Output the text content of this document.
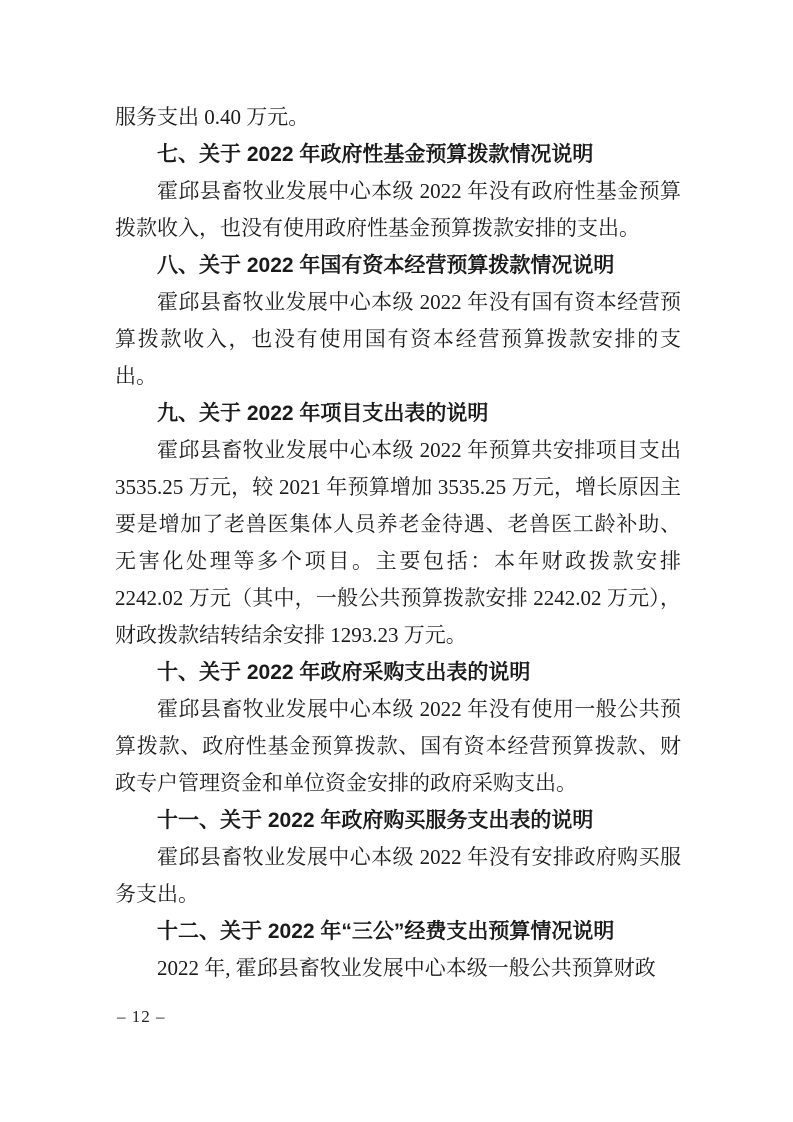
服务支出 0.40 万元。

七、关于 2022 年政府性基金预算拨款情况说明

霍邱县畜牧业发展中心本级 2022 年没有政府性基金预算拨款收入，也没有使用政府性基金预算拨款安排的支出。

八、关于 2022 年国有资本经营预算拨款情况说明

霍邱县畜牧业发展中心本级 2022 年没有国有资本经营预算拨款收入，也没有使用国有资本经营预算拨款安排的支出。

九、关于 2022 年项目支出表的说明

霍邱县畜牧业发展中心本级 2022 年预算共安排项目支出 3535.25 万元，较 2021 年预算增加 3535.25 万元，增长原因主要是增加了老兽医集体人员养老金待遇、老兽医工龄补助、无害化处理等多个项目。主要包括：本年财政拨款安排 2242.02 万元（其中，一般公共预算拨款安排 2242.02 万元），财政拨款结转结余安排 1293.23 万元。

十、关于 2022 年政府采购支出表的说明

霍邱县畜牧业发展中心本级 2022 年没有使用一般公共预算拨款、政府性基金预算拨款、国有资本经营预算拨款、财政专户管理资金和单位资金安排的政府采购支出。

十一、关于 2022 年政府购买服务支出表的说明

霍邱县畜牧业发展中心本级 2022 年没有安排政府购买服务支出。

十二、关于 2022 年“三公”经费支出预算情况说明

2022 年, 霍邱县畜牧业发展中心本级一般公共预算财政

– 12 –
